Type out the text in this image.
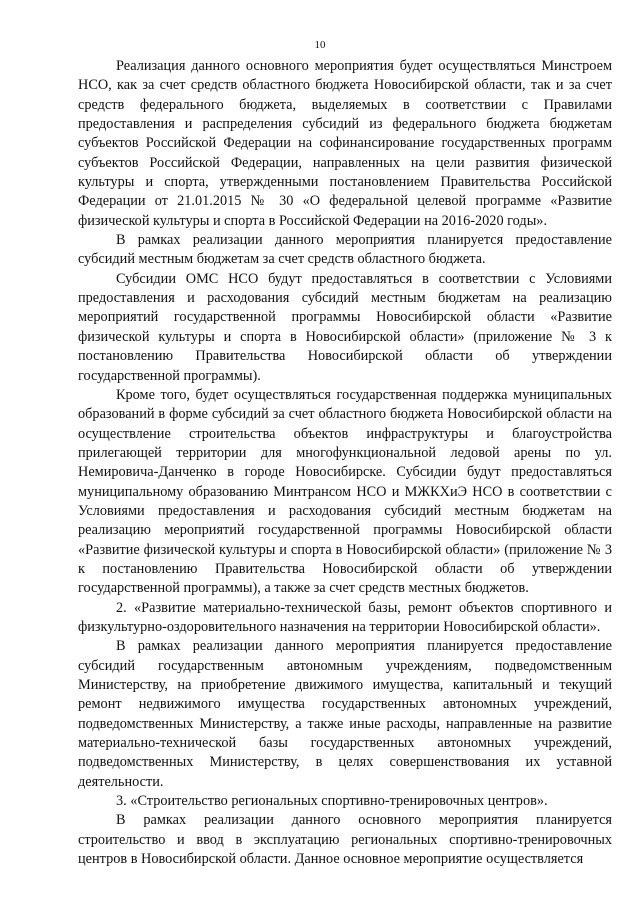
10

Реализация данного основного мероприятия будет осуществляться Минстроем НСО, как за счет средств областного бюджета Новосибирской области, так и за счет средств федерального бюджета, выделяемых в соответствии с Правилами предоставления и распределения субсидий из федерального бюджета бюджетам субъектов Российской Федерации на софинансирование государственных программ субъектов Российской Федерации, направленных на цели развития физической культуры и спорта, утвержденными постановлением Правительства Российской Федерации от 21.01.2015 № 30 «О федеральной целевой программе «Развитие физической культуры и спорта в Российской Федерации на 2016-2020 годы».

В рамках реализации данного мероприятия планируется предоставление субсидий местным бюджетам за счет средств областного бюджета.

Субсидии ОМС НСО будут предоставляться в соответствии с Условиями предоставления и расходования субсидий местным бюджетам на реализацию мероприятий государственной программы Новосибирской области «Развитие физической культуры и спорта в Новосибирской области» (приложение № 3 к постановлению Правительства Новосибирской области об утверждении государственной программы).

Кроме того, будет осуществляться государственная поддержка муниципальных образований в форме субсидий за счет областного бюджета Новосибирской области на осуществление строительства объектов инфраструктуры и благоустройства прилегающей территории для многофункциональной ледовой арены по ул. Немировича-Данченко в городе Новосибирске. Субсидии будут предоставляться муниципальному образованию Минтрансом НСО и МЖКХиЭ НСО в соответствии с Условиями предоставления и расходования субсидий местным бюджетам на реализацию мероприятий государственной программы Новосибирской области «Развитие физической культуры и спорта в Новосибирской области» (приложение № 3 к постановлению Правительства Новосибирской области об утверждении государственной программы), а также за счет средств местных бюджетов.

2. «Развитие материально-технической базы, ремонт объектов спортивного и физкультурно-оздоровительного назначения на территории Новосибирской области».

В рамках реализации данного мероприятия планируется предоставление субсидий государственным автономным учреждениям, подведомственным Министерству, на приобретение движимого имущества, капитальный и текущий ремонт недвижимого имущества государственных автономных учреждений, подведомственных Министерству, а также иные расходы, направленные на развитие материально-технической базы государственных автономных учреждений, подведомственных Министерству, в целях совершенствования их уставной деятельности.

3. «Строительство региональных спортивно-тренировочных центров».

В рамках реализации данного основного мероприятия планируется строительство и ввод в эксплуатацию региональных спортивно-тренировочных центров в Новосибирской области. Данное основное мероприятие осуществляется
